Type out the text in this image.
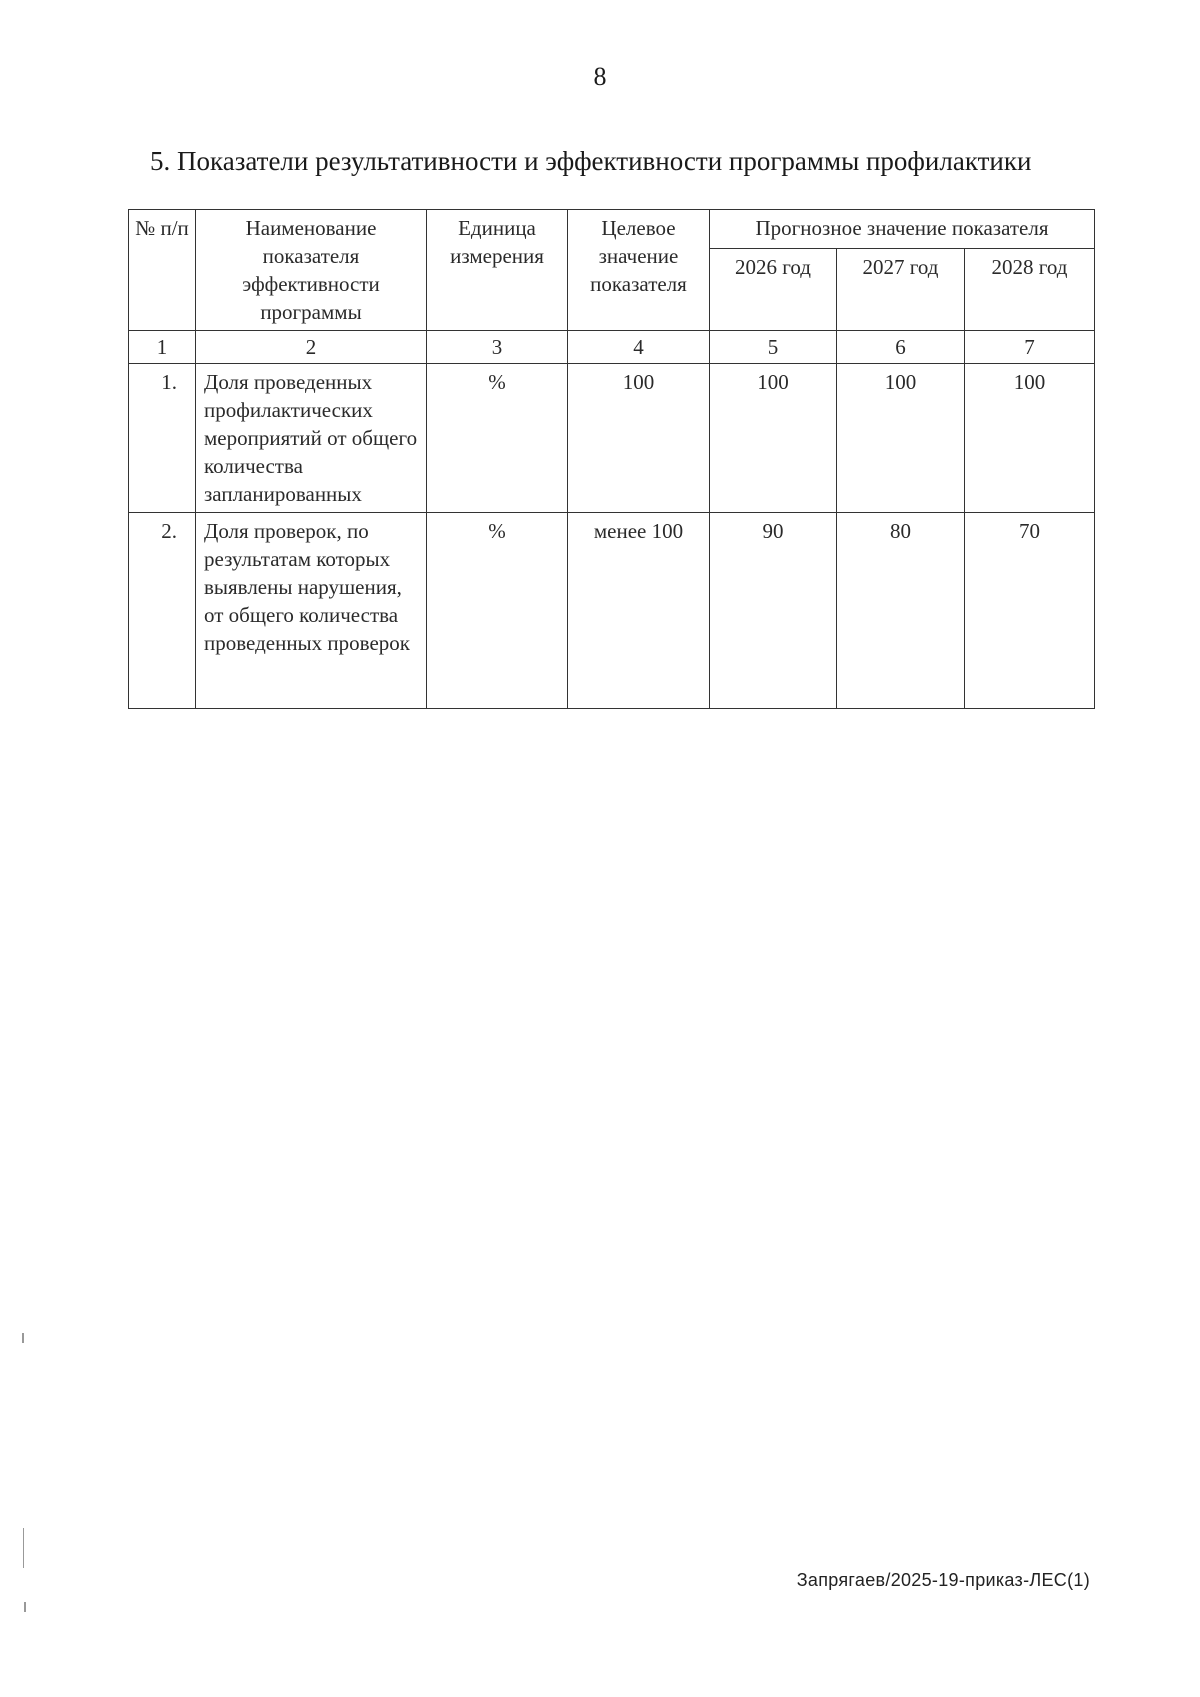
8
5. Показатели результативности и эффективности программы профилактики
№ п/п	Наименование показателя эффективности программы	Единица измерения	Целевое значение показателя	Прогнозное значение показателя		
				2026 год	2027 год	2028 год
1	2	3	4	5	6	7
1.	Доля проведенных профилактических мероприятий от общего количества запланированных	%	100	100	100	100
2.	Доля проверок, по результатам которых выявлены нарушения, от общего количества проведенных проверок	%	менее 100	90	80	70
Запрягаев/2025-19-приказ-ЛЕС(1)
